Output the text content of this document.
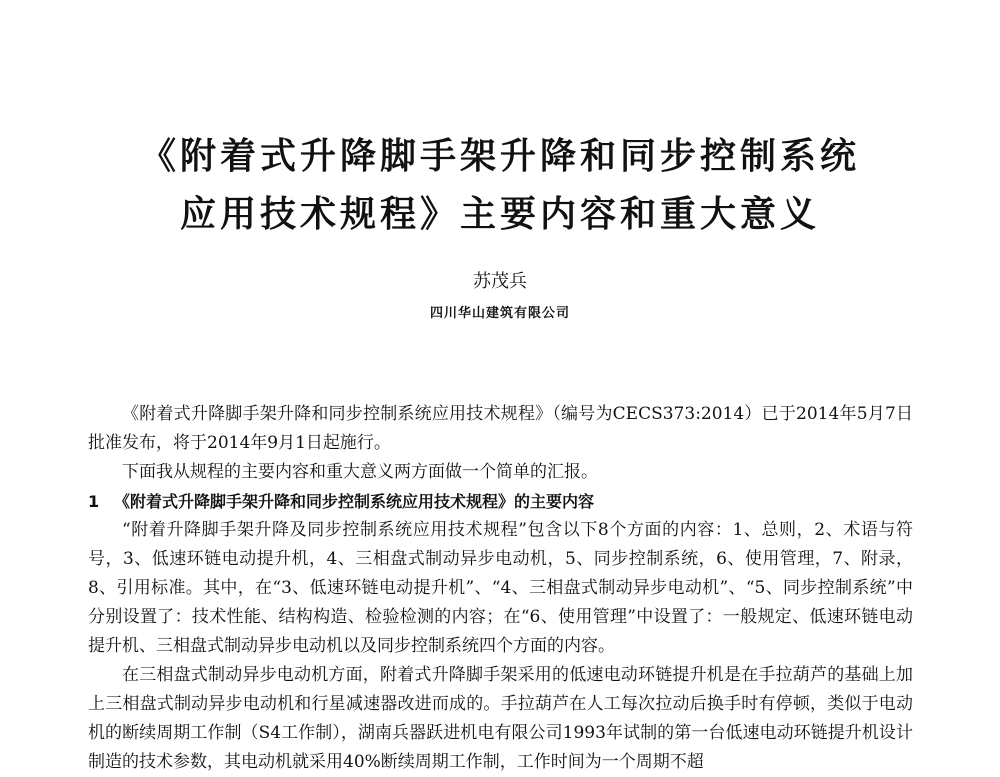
《附着式升降脚手架升降和同步控制系统
应用技术规程》主要内容和重大意义
苏茂兵
四川华山建筑有限公司

《附着式升降脚手架升降和同步控制系统应用技术规程》（编号为CECS373:2014）已于2014年5月7日批准发布，将于2014年9月1日起施行。

下面我从规程的主要内容和重大意义两方面做一个简单的汇报。

1 《附着式升降脚手架升降和同步控制系统应用技术规程》的主要内容

“附着升降脚手架升降及同步控制系统应用技术规程”包含以下8个方面的内容：1、总则，2、术语与符号，3、低速环链电动提升机，4、三相盘式制动异步电动机，5、同步控制系统，6、使用管理，7、附录，8、引用标准。其中，在“3、低速环链电动提升机”、“4、三相盘式制动异步电动机”、“5、同步控制系统”中分别设置了：技术性能、结构构造、检验检测的内容；在“6、使用管理”中设置了：一般规定、低速环链电动提升机、三相盘式制动异步电动机以及同步控制系统四个方面的内容。

在三相盘式制动异步电动机方面，附着式升降脚手架采用的低速电动环链提升机是在手拉葫芦的基础上加上三相盘式制动异步电动机和行星减速器改进而成的。手拉葫芦在人工每次拉动后换手时有停顿，类似于电动机的断续周期工作制（S4工作制），湖南兵器跃进机电有限公司1993年试制的第一台低速电动环链提升机设计制造的技术参数，其电动机就采用40%断续周期工作制，工作时间为一个周期不超
